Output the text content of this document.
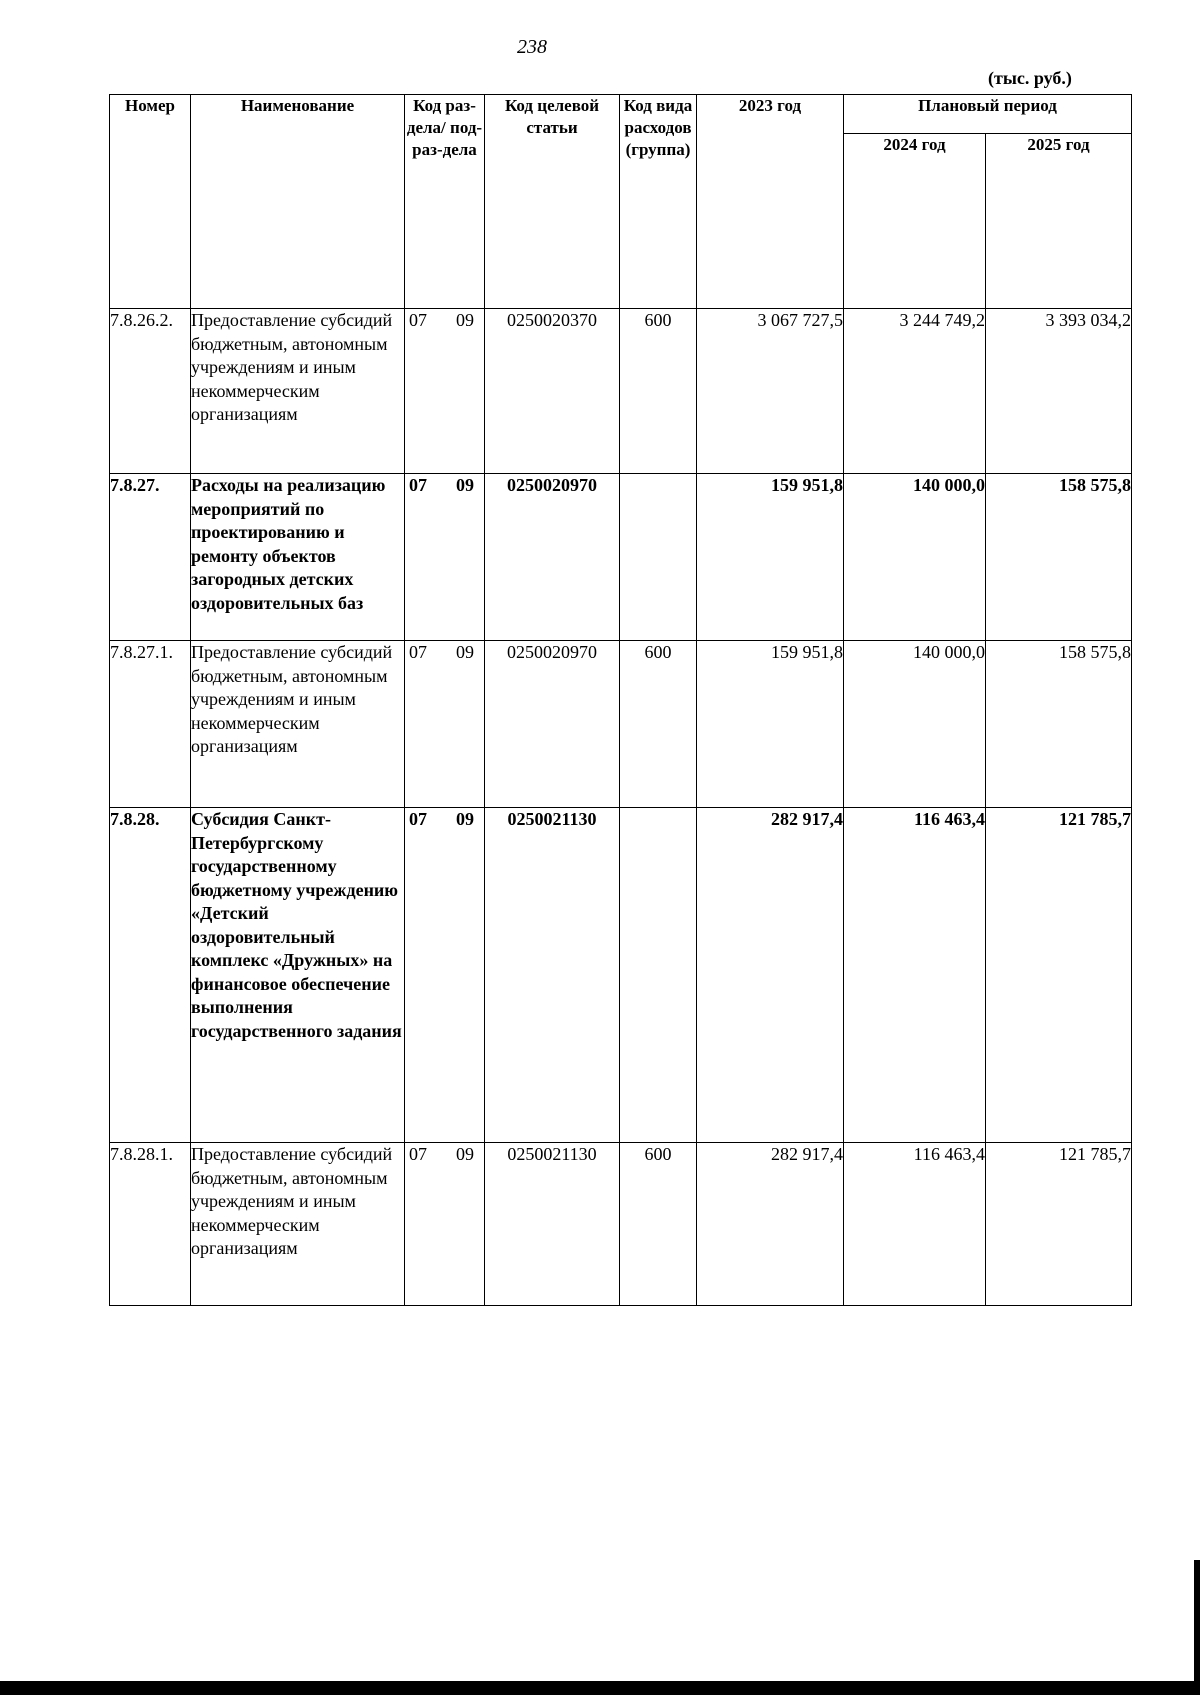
238
(тыс. руб.)
Номер	Наименование	Код раз-дела/ под-раз-дела	Код целевой статьи	Код вида расходов (группа)	2023 год	Плановый период	
						2024 год	2025 год
7.8.26.2.	Предоставление субсидий бюджетным, автономным учреждениям и иным некоммерческим организациям	07 09	0250020370	600	3 067 727,5	3 244 749,2	3 393 034,2
7.8.27.	Расходы на реализацию мероприятий по проектированию и ремонту объектов загородных детских оздоровительных баз	07 09	0250020970		159 951,8	140 000,0	158 575,8
7.8.27.1.	Предоставление субсидий бюджетным, автономным учреждениям и иным некоммерческим организациям	07 09	0250020970	600	159 951,8	140 000,0	158 575,8
7.8.28.	Субсидия Санкт-Петербургскому государственному бюджетному учреждению «Детский оздоровительный комплекс «Дружных» на финансовое обеспечение выполнения государственного задания	07 09	0250021130		282 917,4	116 463,4	121 785,7
7.8.28.1.	Предоставление субсидий бюджетным, автономным учреждениям и иным некоммерческим организациям	07 09	0250021130	600	282 917,4	116 463,4	121 785,7
